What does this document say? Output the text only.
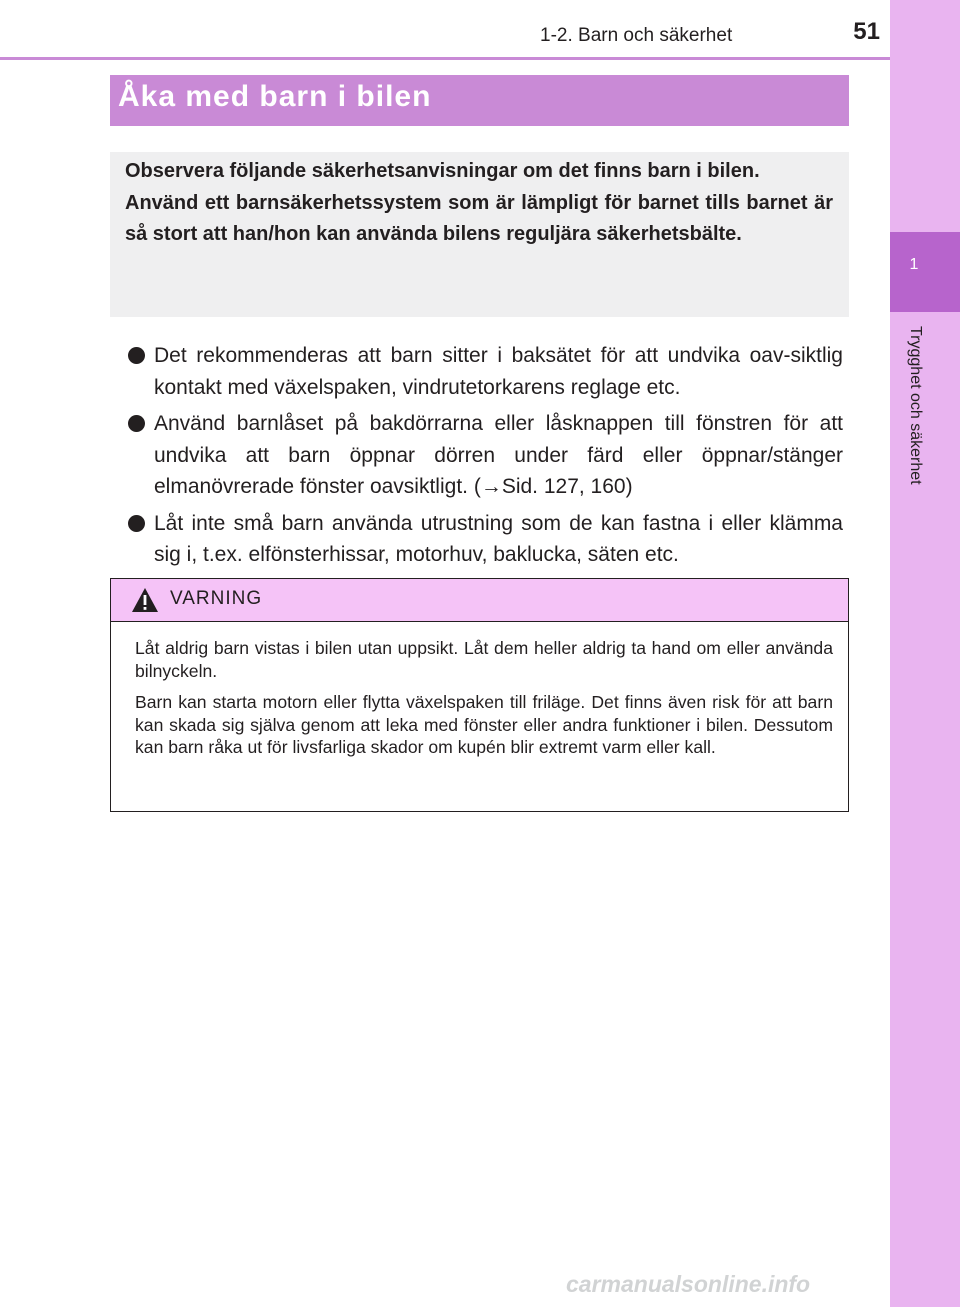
1-2. Barn och säkerhet	51
1
Trygghet och säkerhet
Åka med barn i bilen
Observera följande säkerhetsanvisningar om det finns barn i bilen.
Använd ett barnsäkerhetssystem som är lämpligt för barnet tills barnet är så stort att han/hon kan använda bilens reguljära säkerhetsbälte.
Det rekommenderas att barn sitter i baksätet för att undvika oav-siktlig kontakt med växelspaken, vindrutetorkarens reglage etc.
Använd barnlåset på bakdörrarna eller låsknappen till fönstren för att undvika att barn öppnar dörren under färd eller öppnar/stänger elmanövrerade fönster oavsiktligt. (→Sid. 127, 160)
Låt inte små barn använda utrustning som de kan fastna i eller klämma sig i, t.ex. elfönsterhissar, motorhuv, baklucka, säten etc.
VARNING

Låt aldrig barn vistas i bilen utan uppsikt. Låt dem heller aldrig ta hand om eller använda bilnyckeln.

Barn kan starta motorn eller flytta växelspaken till friläge. Det finns även risk för att barn kan skada sig själva genom att leka med fönster eller andra funktioner i bilen. Dessutom kan barn råka ut för livsfarliga skador om kupén blir extremt varm eller kall.

carmanualsonline.info
